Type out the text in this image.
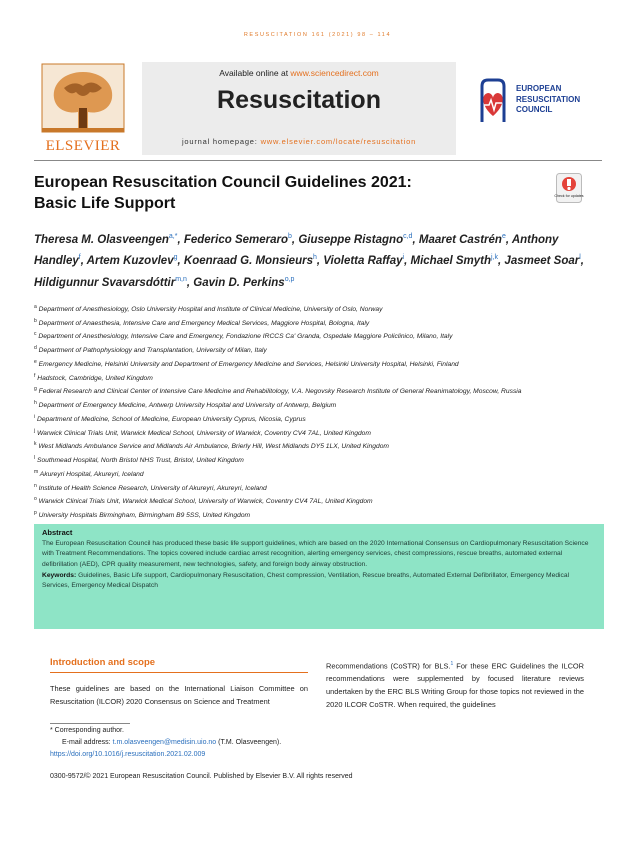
RESUSCITATION 161 (2021) 98 – 114
ELSEVIER
Available online at www.sciencedirect.com
Resuscitation
journal homepage: www.elsevier.com/locate/resuscitation
EUROPEAN
RESUSCITATION
COUNCIL
European Resuscitation Council Guidelines 2021:
Basic Life Support	Check for updates
Theresa M. Olasveengen$^{a,*}$, Federico Semeraro$^b$, Giuseppe Ristagno$^{c,d}$, Maaret Castrén$^e$, Anthony Handley$^f$, Artem Kuzovlev$^g$, Koenraad G. Monsieurs$^h$, Violetta Raffay$^i$, Michael Smyth$^{j,k}$, Jasmeet Soar$^l$, Hildigunnur Svavarsdóttir$^{m,n}$, Gavin D. Perkins$^{o,p}$
$^a$ Department of Anesthesiology, Oslo University Hospital and Institute of Clinical Medicine, University of Oslo, Norway
$^b$ Department of Anaesthesia, Intensive Care and Emergency Medical Services, Maggiore Hospital, Bologna, Italy
$^c$ Department of Anesthesiology, Intensive Care and Emergency, Fondazione IRCCS Ca' Granda, Ospedale Maggiore Policlinico, Milano, Italy
$^d$ Department of Pathophysiology and Transplantation, University of Milan, Italy
$^e$ Emergency Medicine, Helsinki University and Department of Emergency Medicine and Services, Helsinki University Hospital, Helsinki, Finland
$^f$ Hadstock, Cambridge, United Kingdom
$^g$ Federal Research and Clinical Center of Intensive Care Medicine and Rehabilitology, V.A. Negovsky Research Institute of General Reanimatology, Moscow, Russia
$^h$ Department of Emergency Medicine, Antwerp University Hospital and University of Antwerp, Belgium
$^i$ Department of Medicine, School of Medicine, European University Cyprus, Nicosia, Cyprus
$^j$ Warwick Clinical Trials Unit, Warwick Medical School, University of Warwick, Coventry CV4 7AL, United Kingdom
$^k$ West Midlands Ambulance Service and Midlands Air Ambulance, Brierly Hill, West Midlands DY5 1LX, United Kingdom
$^l$ Southmead Hospital, North Bristol NHS Trust, Bristol, United Kingdom
$^m$ Akureyri Hospital, Akureyri, Iceland
$^n$ Institute of Health Science Research, University of Akureyri, Akureyri, Iceland
$^o$ Warwick Clinical Trials Unit, Warwick Medical School, University of Warwick, Coventry CV4 7AL, United Kingdom
$^p$ University Hospitals Birmingham, Birmingham B9 5SS, United Kingdom
Abstract
The European Resuscitation Council has produced these basic life support guidelines, which are based on the 2020 International Consensus on Cardiopulmonary Resuscitation Science with Treatment Recommendations. The topics covered include cardiac arrest recognition, alerting emergency services, chest compressions, rescue breaths, automated external defibrillation (AED), CPR quality measurement, new technologies, safety, and foreign body airway obstruction.
Keywords: Guidelines, Basic Life support, Cardiopulmonary Resuscitation, Chest compression, Ventilation, Rescue breaths, Automated External Defibrillator, Emergency Medical Services, Emergency Medical Dispatch
Introduction and scope
These guidelines are based on the International Liaison Committee on Resuscitation (ILCOR) 2020 Consensus on Science and Treatment
Recommendations (CoSTR) for BLS.$^1$ For these ERC Guidelines the ILCOR recommendations were supplemented by focused literature reviews undertaken by the ERC BLS Writing Group for those topics not reviewed in the 2020 ILCOR CoSTR. When required, the guidelines
* Corresponding author.
E-mail address: t.m.olasveengen@medisin.uio.no (T.M. Olasveengen).
https://doi.org/10.1016/j.resuscitation.2021.02.009
0300-9572/© 2021 European Resuscitation Council. Published by Elsevier B.V. All rights reserved
